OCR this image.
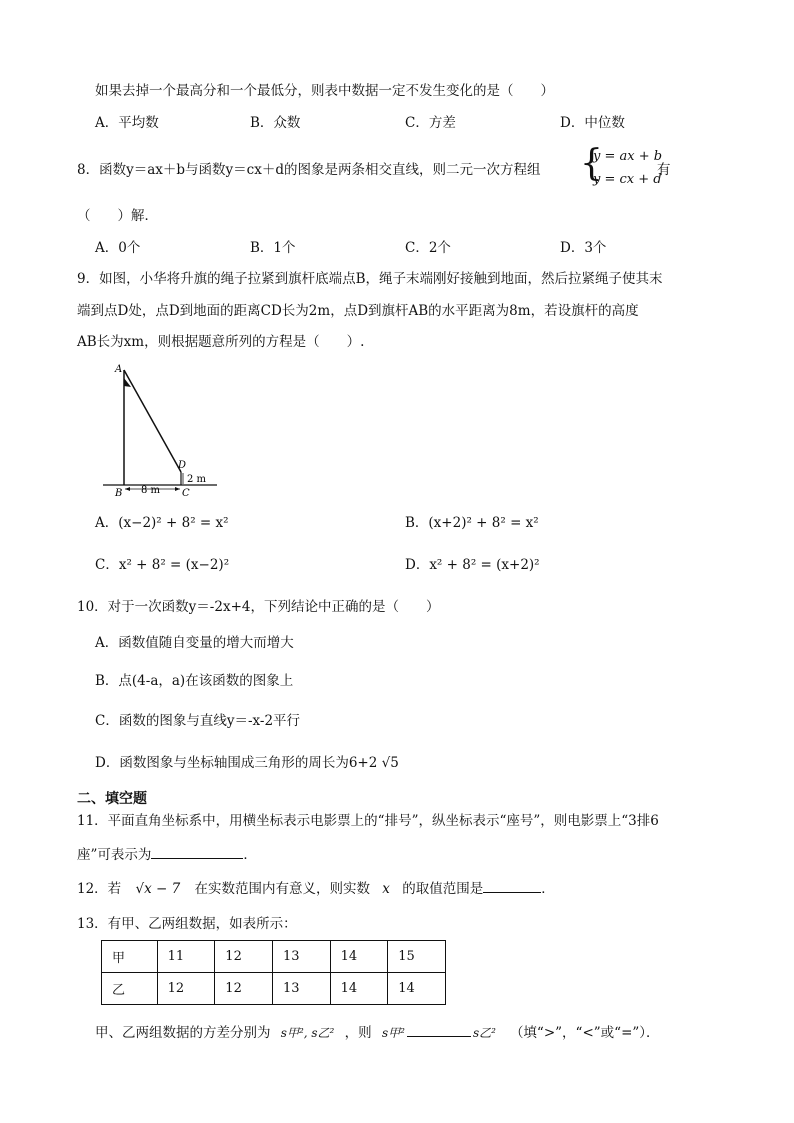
如果去掉一个最高分和一个最低分，则表中数据一定不发生变化的是（　　）
A．平均数	B．众数	C．方差	D．中位数
8．函数y＝ax＋b与函数y＝cx＋d的图象是两条相交直线，则二元一次方程组 {
y = ax + b
y = cx + d
有
（　　）解．
A．0个	B．1个	C．2个	D．3个
9．如图，小华将升旗的绳子拉紧到旗杆底端点B，绳子末端刚好接触到地面，然后拉紧绳子使其末
端到点D处，点D到地面的距离CD长为2m，点D到旗杆AB的水平距离为8m，若设旗杆的高度
AB长为xm，则根据题意所列的方程是（　　）.
A
B	C
D
8 m
2 m
A．(x−2)² + 8² = x²	B．(x+2)² + 8² = x²
C．x² + 8² = (x−2)²	D．x² + 8² = (x+2)²
10．对于一次函数y＝-2x+4，下列结论中正确的是（　　）
A．函数值随自变量的增大而增大
B．点(4-a，a)在该函数的图象上
C．函数的图象与直线y＝-x-2平行
D．函数图象与坐标轴围成三角形的周长为6+2 √5
二、填空题
11．平面直角坐标系中，用横坐标表示电影票上的“排号”，纵坐标表示“座号”，则电影票上“3排6
座”可表示为	．
12．若 √x − 7 在实数范围内有意义，则实数 x 的取值范围是	．
13．有甲、乙两组数据，如表所示：
甲	11	12	13	14	15
乙	12	12	13	14	14
甲、乙两组数据的方差分别为 s甲², s乙² ，则 s甲²	s乙² （填“>”，“<”或“=”）．
